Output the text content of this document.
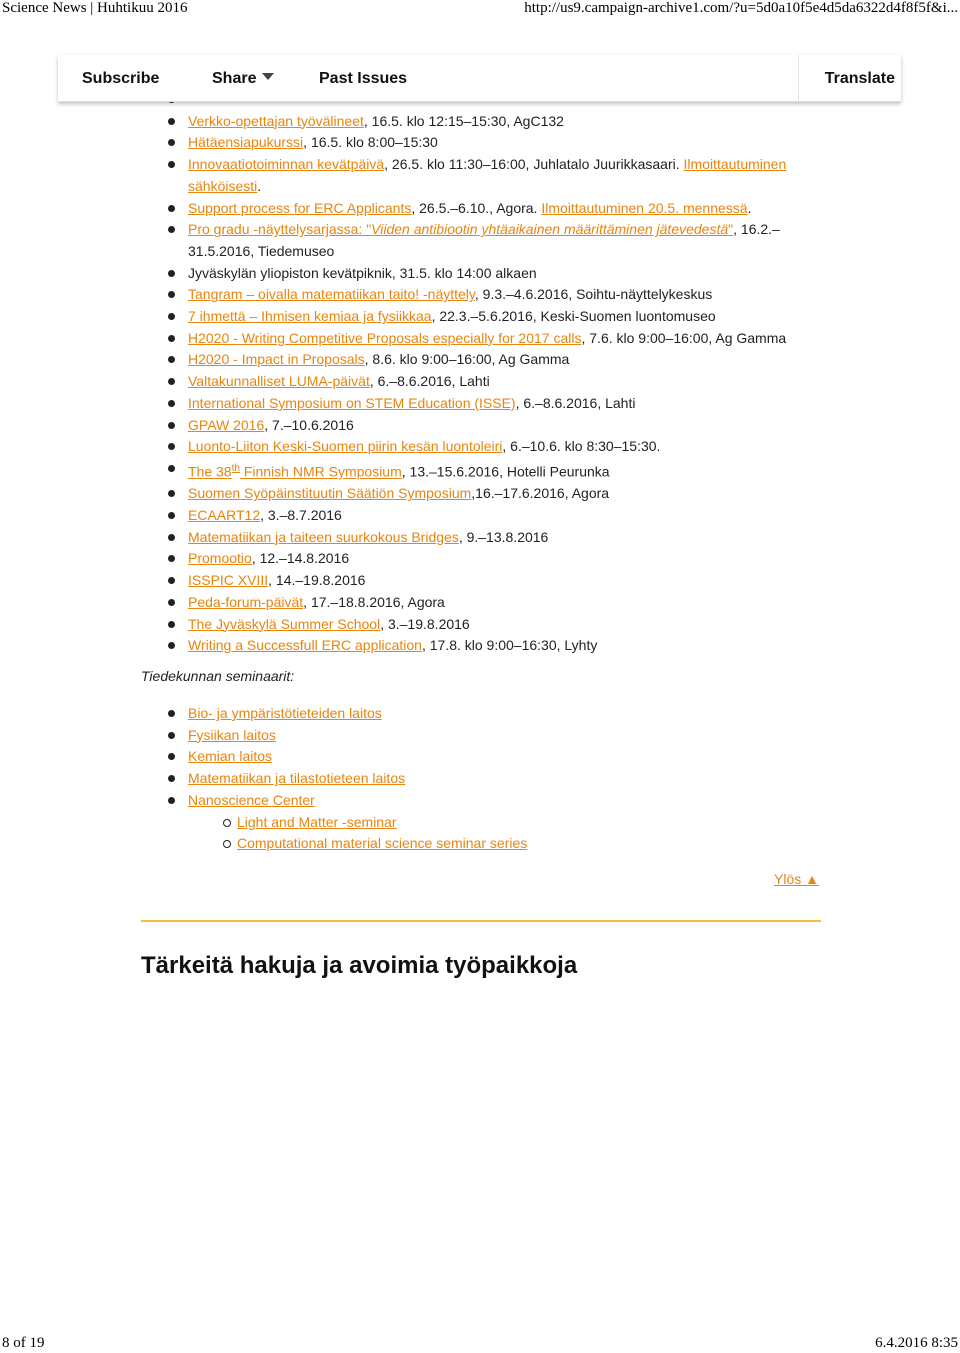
Science News | Huhtikuu 2016	http://us9.campaign-archive1.com/?u=5d0a10f5e4d5da6322d4f8f5f&i...
Subscribe	Share	Past Issues	Translate
Verkko-opettajan työvälineet, 16.5. klo 12:15–15:30, AgC132
Hätäensiapukurssi, 16.5. klo 8:00–15:30
Innovaatiotoiminnan kevätpäivä, 26.5. klo 11:30–16:00, Juhlatalo Juurikkasaari. Ilmoittautuminen sähköisesti.
Support process for ERC Applicants, 26.5.–6.10., Agora. Ilmoittautuminen 20.5. mennessä.
Pro gradu -näyttelysarjassa: "Viiden antibiootin yhtäaikainen määrittäminen jätevedestä", 16.2.–31.5.2016, Tiedemuseo
Jyväskylän yliopiston kevätpiknik, 31.5. klo 14:00 alkaen
Tangram – oivalla matematiikan taito! -näyttely, 9.3.–4.6.2016, Soihtu-näyttelykeskus
7 ihmettä – Ihmisen kemiaa ja fysiikkaa, 22.3.–5.6.2016, Keski-Suomen luontomuseo
H2020 - Writing Competitive Proposals especially for 2017 calls, 7.6. klo 9:00–16:00, Ag Gamma
H2020 - Impact in Proposals, 8.6. klo 9:00–16:00, Ag Gamma
Valtakunnalliset LUMA-päivät, 6.–8.6.2016, Lahti
International Symposium on STEM Education (ISSE), 6.–8.6.2016, Lahti
GPAW 2016, 7.–10.6.2016
Luonto-Liiton Keski-Suomen piirin kesän luontoleiri, 6.–10.6. klo 8:30–15:30.
The 38th Finnish NMR Symposium, 13.–15.6.2016, Hotelli Peurunka
Suomen Syöpäinstituutin Säätiön Symposium,16.–17.6.2016, Agora
ECAART12, 3.–8.7.2016
Matematiikan ja taiteen suurkokous Bridges, 9.–13.8.2016
Promootio, 12.–14.8.2016
ISSPIC XVIII, 14.–19.8.2016
Peda-forum-päivät, 17.–18.8.2016, Agora
The Jyväskylä Summer School, 3.–19.8.2016
Writing a Successfull ERC application, 17.8. klo 9:00–16:30, Lyhty
Tiedekunnan seminaarit:
Bio- ja ympäristötieteiden laitos
Fysiikan laitos
Kemian laitos
Matematiikan ja tilastotieteen laitos
Nanoscience Center
Light and Matter -seminar
Computational material science seminar series
Ylös ▲
Tärkeitä hakuja ja avoimia työpaikkoja
8 of 19	6.4.2016 8:35
